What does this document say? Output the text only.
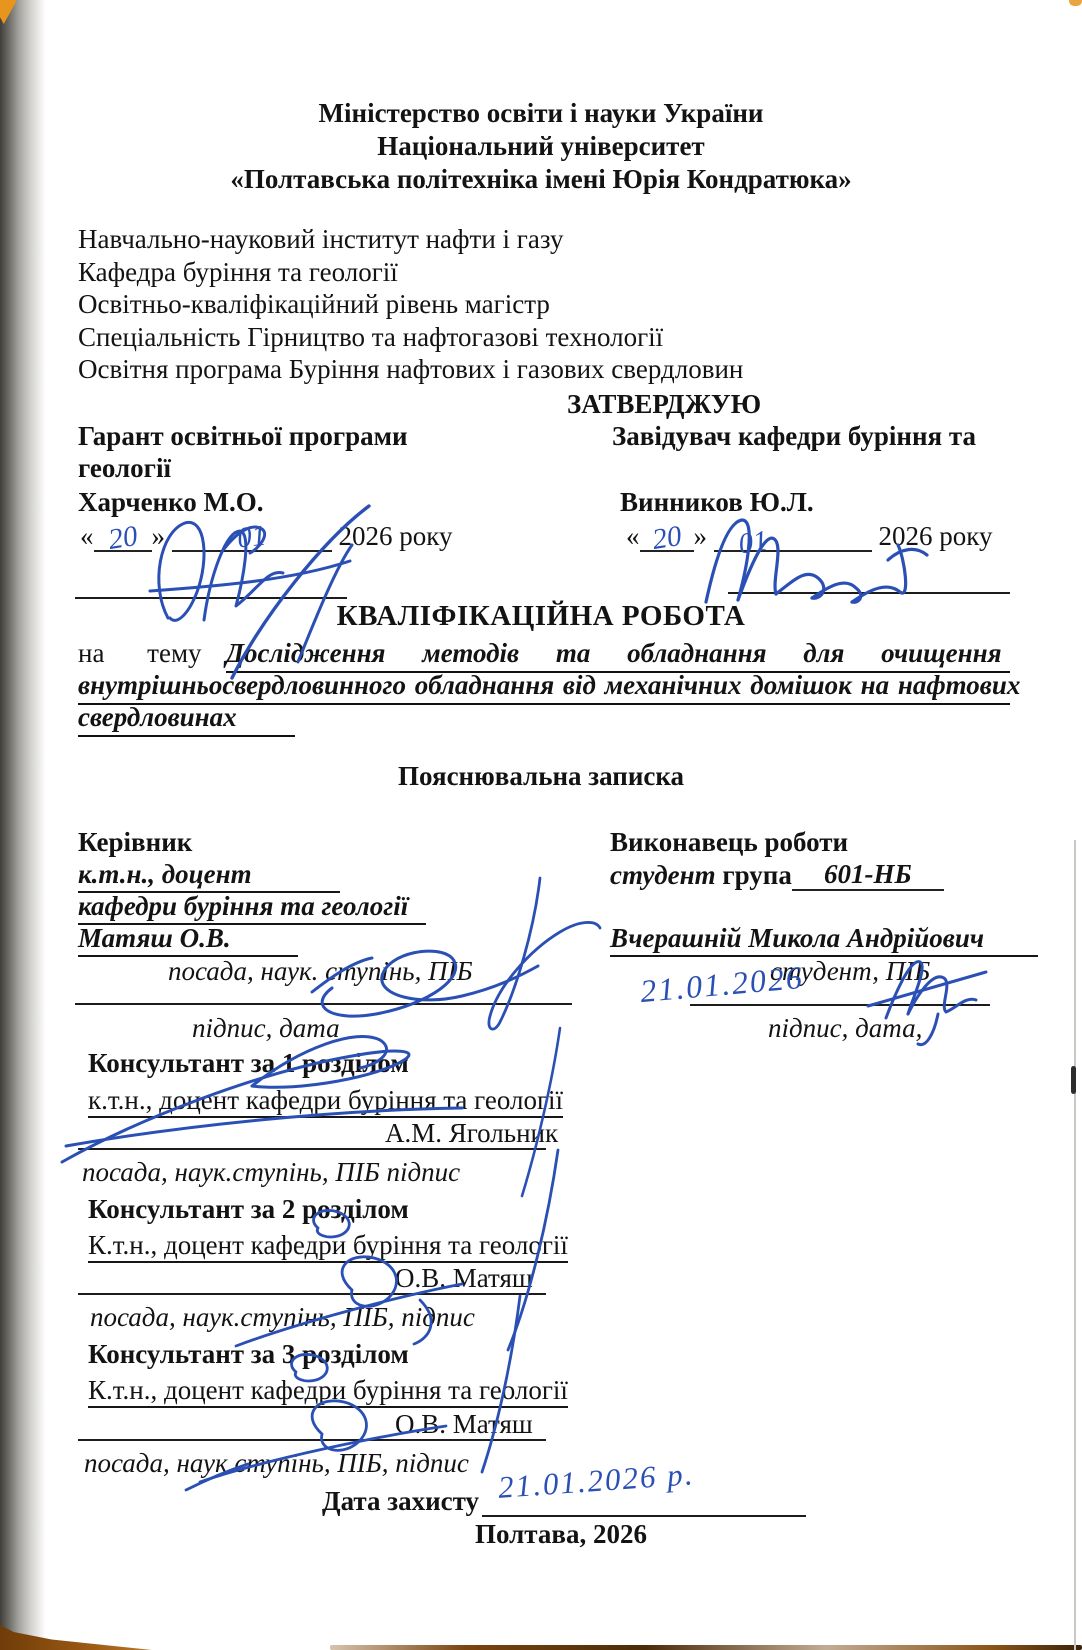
Міністерство освіти і науки України
Національний університет
«Полтавська політехніка імені Юрія Кондратюка»
Навчально-науковий інститут нафти і газу
Кафедра буріння та геології
Освітньо-кваліфікаційний рівень магістр
Спеціальність Гірництво та нафтогазові технології
Освітня програма Буріння нафтових і газових свердловин
ЗАТВЕРДЖУЮ
Гарант освітньої програми	Завідувач кафедри буріння та
геології
Харченко М.О.	Винников Ю.Л.
« 20 » 01	2026 року	« 20 » 01	2026 року
КВАЛІФІКАЦІЙНА РОБОТА
на тему Дослідження методів та обладнання для очищення
внутрішньосвердловинного обладнання від механічних домішок на нафтових
свердловинах
Пояснювальна записка
Керівник
к.т.н., доцент
кафедри буріння та геології
Матяш О.В.
посада, наук. ступінь, ПІБ
підпис, дата
Виконавець роботи
студент група 601-НБ
Вчерашній Микола Андрійович
студент, ПІБ
21.01.2026
підпис, дата,
Консультант за 1 розділом
к.т.н., доцент кафедри буріння та геології
А.М. Ягольник
посада, наук.ступінь, ПІБ підпис
Консультант за 2 розділом
К.т.н., доцент кафедри буріння та геології
О.В. Матяш
посада, наук.ступінь, ПІБ, підпис
Консультант за 3 розділом
К.т.н., доцент кафедри буріння та геології
О.В. Матяш
посада, наук.ступінь, ПІБ, підпис
Дата захисту 21.01.2026 р.
Полтава, 2026
